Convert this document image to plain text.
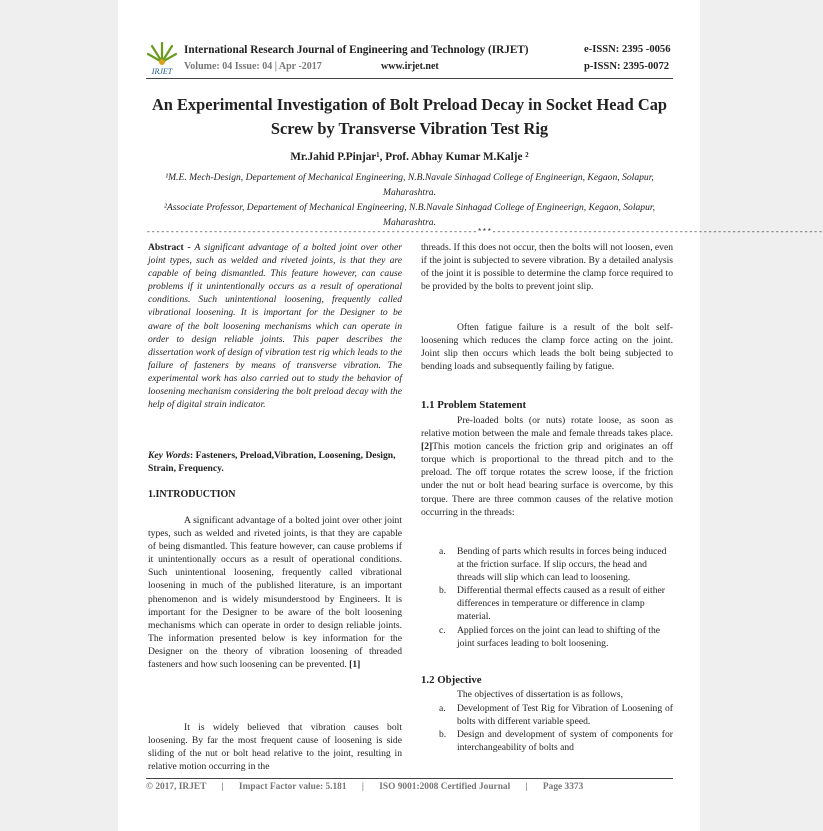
IRJET
International Research Journal of Engineering and Technology (IRJET)	e-ISSN: 2395 -0056
Volume: 04 Issue: 04 | Apr -2017	www.irjet.net	p-ISSN: 2395-0072
An Experimental Investigation of Bolt Preload Decay in Socket Head Cap Screw by Transverse Vibration Test Rig
Mr.Jahid P.Pinjar¹, Prof. Abhay Kumar M.Kalje ²
¹M.E. Mech-Design, Departement of Mechanical Engineering, N.B.Navale Sinhagad College of Engineerign, Kegaon, Solapur, Maharashtra.
²Associate Professor, Departement of Mechanical Engineering, N.B.Navale Sinhagad College of Engineerign, Kegaon, Solapur, Maharashtra.
---------------------------------------------------------------------***---------------------------------------------------------------------
Abstract - A significant advantage of a bolted joint over other joint types, such as welded and riveted joints, is that they are capable of being dismantled. This feature however, can cause problems if it unintentionally occurs as a result of operational conditions. Such unintentional loosening, frequently called vibrational loosening. It is important for the Designer to be aware of the bolt loosening mechanisms which can operate in order to design reliable joints. This paper describes the dissertation work of design of vibration test rig which leads to the failure of fasteners by means of transverse vibration. The experimental work has also carried out to study the behavior of loosening mechanism considering the bolt preload decay with the help of digital strain indicator.
Key Words: Fasteners, Preload,Vibration, Loosening, Design, Strain, Frequency.
1.INTRODUCTION
A significant advantage of a bolted joint over other joint types, such as welded and riveted joints, is that they are capable of being dismantled. This feature however, can cause problems if it unintentionally occurs as a result of operational conditions. Such unintentional loosening, frequently called vibrational loosening in much of the published literature, is an important phenomenon and is widely misunderstood by Engineers. It is important for the Designer to be aware of the bolt loosening mechanisms which can operate in order to design reliable joints. The information presented below is key information for the Designer on the theory of vibration loosening of threaded fasteners and how such loosening can be prevented. [1]
It is widely believed that vibration causes bolt loosening. By far the most frequent cause of loosening is side sliding of the nut or bolt head relative to the joint, resulting in relative motion occurring in the
threads. If this does not occur, then the bolts will not loosen, even if the joint is subjected to severe vibration. By a detailed analysis of the joint it is possible to determine the clamp force required to be provided by the bolts to prevent joint slip.
Often fatigue failure is a result of the bolt self-loosening which reduces the clamp force acting on the joint. Joint slip then occurs which leads the bolt being subjected to bending loads and subsequently failing by fatigue.
1.1 Problem Statement
Pre-loaded bolts (or nuts) rotate loose, as soon as relative motion between the male and female threads takes place. [2]This motion cancels the friction grip and originates an off torque which is proportional to the thread pitch and to the preload. The off torque rotates the screw loose, if the friction under the nut or bolt head bearing surface is overcome, by this torque. There are three common causes of the relative motion occurring in the threads:
a. Bending of parts which results in forces being induced at the friction surface. If slip occurs, the head and threads will slip which can lead to loosening.
b. Differential thermal effects caused as a result of either differences in temperature or difference in clamp material.
c. Applied forces on the joint can lead to shifting of the joint surfaces leading to bolt loosening.
1.2 Objective
The objectives of dissertation is as follows,
a. Development of Test Rig for Vibration of Loosening of bolts with different variable speed.
b. Design and development of system of components for interchangeability of bolts and
© 2017, IRJET | Impact Factor value: 5.181 | ISO 9001:2008 Certified Journal | Page 3373
